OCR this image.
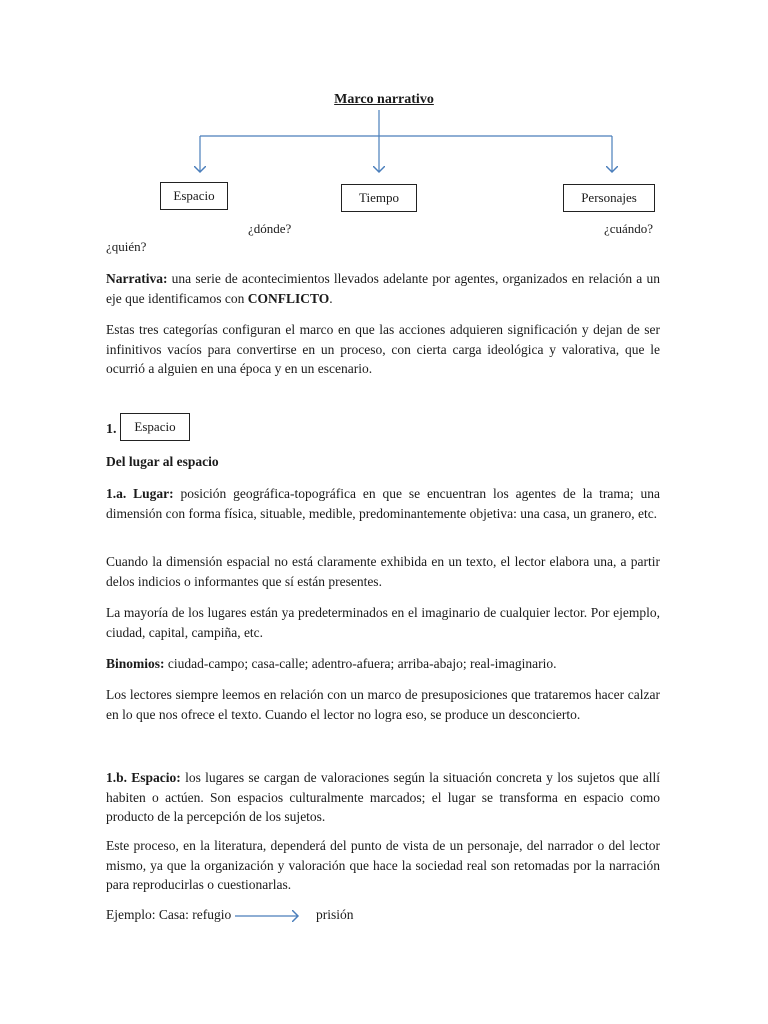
Marco narrativo
Espacio	Tiempo	Personajes
¿dónde?	¿cuándo?
¿quién?
Narrativa: una serie de acontecimientos llevados adelante por agentes, organizados en relación a un eje que identificamos con CONFLICTO.
Estas tres categorías configuran el marco en que las acciones adquieren significación y dejan de ser infinitivos vacíos para convertirse en un proceso, con cierta carga ideológica y valorativa, que le ocurrió a alguien en una época y en un escenario.
1.	Espacio
Del lugar al espacio
1.a. Lugar: posición geográfica-topográfica en que se encuentran los agentes de la trama; una dimensión con forma física, situable, medible, predominantemente objetiva: una casa, un granero, etc.
Cuando la dimensión espacial no está claramente exhibida en un texto, el lector elabora una, a partir delos indicios o informantes que sí están presentes.
La mayoría de los lugares están ya predeterminados en el imaginario de cualquier lector. Por ejemplo, ciudad, capital, campiña, etc.
Binomios: ciudad-campo; casa-calle; adentro-afuera; arriba-abajo; real-imaginario.
Los lectores siempre leemos en relación con un marco de presuposiciones que trataremos hacer calzar en lo que nos ofrece el texto. Cuando el lector no logra eso, se produce un desconcierto.
1.b. Espacio: los lugares se cargan de valoraciones según la situación concreta y los sujetos que allí habiten o actúen. Son espacios culturalmente marcados; el lugar se transforma en espacio como producto de la percepción de los sujetos.
Este proceso, en la literatura, dependerá del punto de vista de un personaje, del narrador o del lector mismo, ya que la organización y valoración que hace la sociedad real son retomadas por la narración para reproducirlas o cuestionarlas.
Ejemplo: Casa: refugio	prisión
